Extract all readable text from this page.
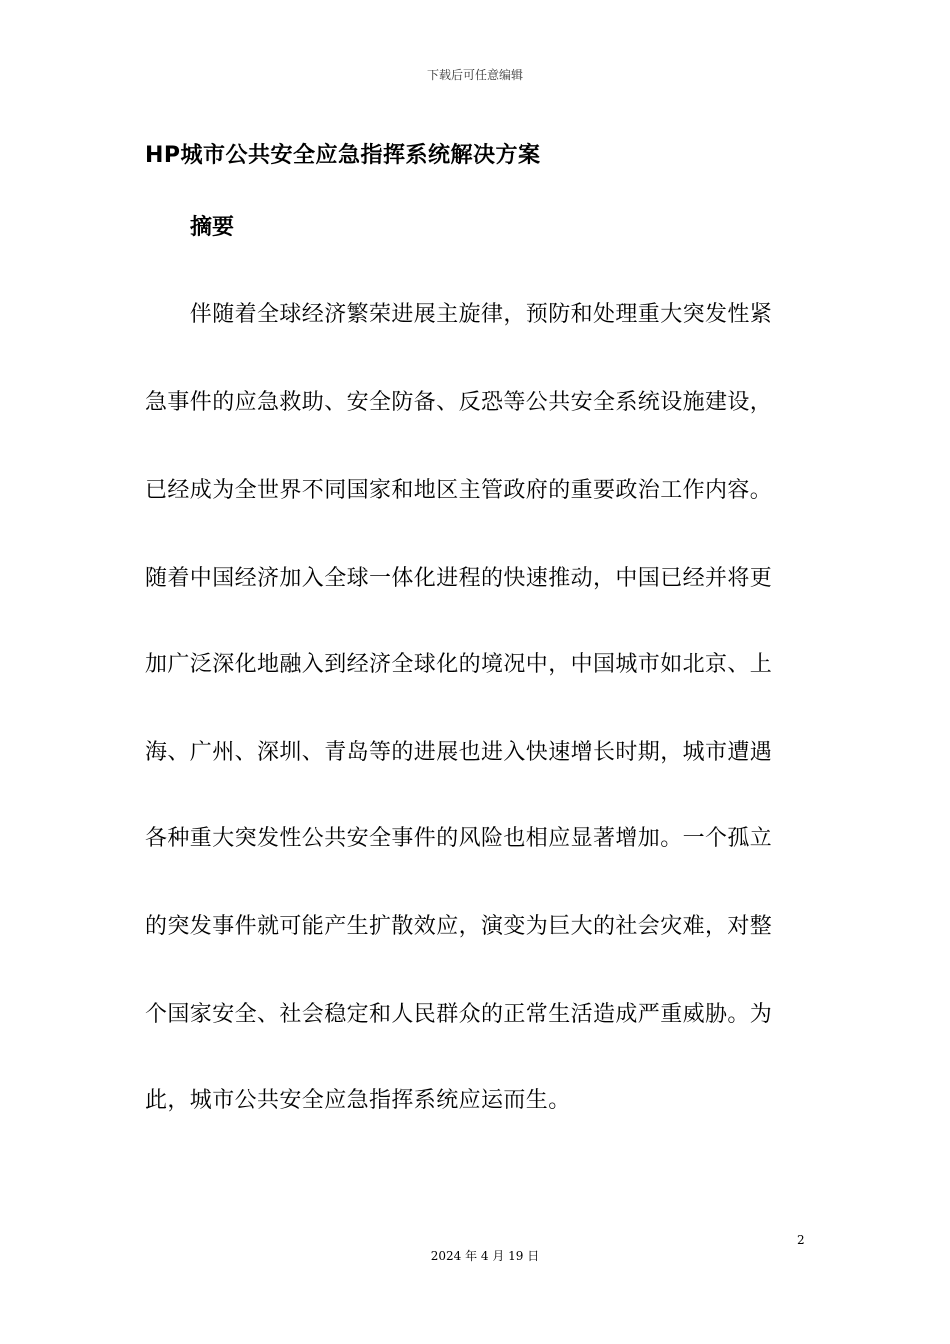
下载后可任意编辑
HP城市公共安全应急指挥系统解决方案
摘要
　　伴随着全球经济繁荣进展主旋律，预防和处理重大突发性紧
急事件的应急救助、安全防备、反恐等公共安全系统设施建设，
已经成为全世界不同国家和地区主管政府的重要政治工作内容。
随着中国经济加入全球一体化进程的快速推动，中国已经并将更
加广泛深化地融入到经济全球化的境况中，中国城市如北京、上
海、广州、深圳、青岛等的进展也进入快速增长时期，城市遭遇
各种重大突发性公共安全事件的风险也相应显著增加。一个孤立
的突发事件就可能产生扩散效应，演变为巨大的社会灾难，对整
个国家安全、社会稳定和人民群众的正常生活造成严重威胁。为
此，城市公共安全应急指挥系统应运而生。
2
2024 年 4 月 19 日
